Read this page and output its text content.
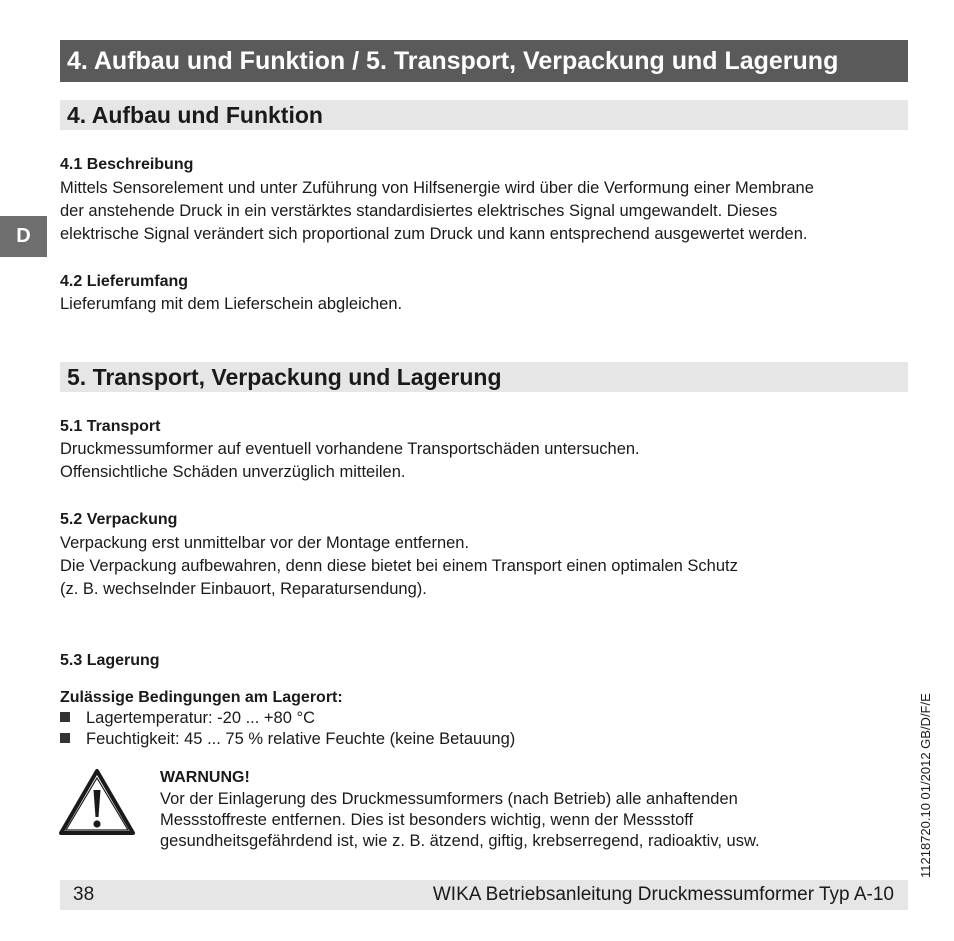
4. Aufbau und Funktion / 5. Transport, Verpackung und Lagerung
D
4. Aufbau und Funktion
4.1 Beschreibung
Mittels Sensorelement und unter Zuführung von Hilfsenergie wird über die Verformung einer Membrane
der anstehende Druck in ein verstärktes standardisiertes elektrisches Signal umgewandelt. Dieses
elektrische Signal verändert sich proportional zum Druck und kann entsprechend ausgewertet werden.
4.2 Lieferumfang
Lieferumfang mit dem Lieferschein abgleichen.
5. Transport, Verpackung und Lagerung
5.1 Transport
Druckmessumformer auf eventuell vorhandene Transportschäden untersuchen.
Offensichtliche Schäden unverzüglich mitteilen.
5.2 Verpackung
Verpackung erst unmittelbar vor der Montage entfernen.
Die Verpackung aufbewahren, denn diese bietet bei einem Transport einen optimalen Schutz
(z. B. wechselnder Einbauort, Reparatursendung).
5.3 Lagerung
Zulässige Bedingungen am Lagerort:
Lagertemperatur: -20 ... +80 °C
Feuchtigkeit: 45 ... 75 % relative Feuchte (keine Betauung)
WARNUNG!
Vor der Einlagerung des Druckmessumformers (nach Betrieb) alle anhaftenden
Messstoffreste entfernen. Dies ist besonders wichtig, wenn der Messstoff
gesundheitsgefährdend ist, wie z. B. ätzend, giftig, krebserregend, radioaktiv, usw.
38	WIKA Betriebsanleitung Druckmessumformer Typ A-10
11218720.10 01/2012 GB/D/F/E
